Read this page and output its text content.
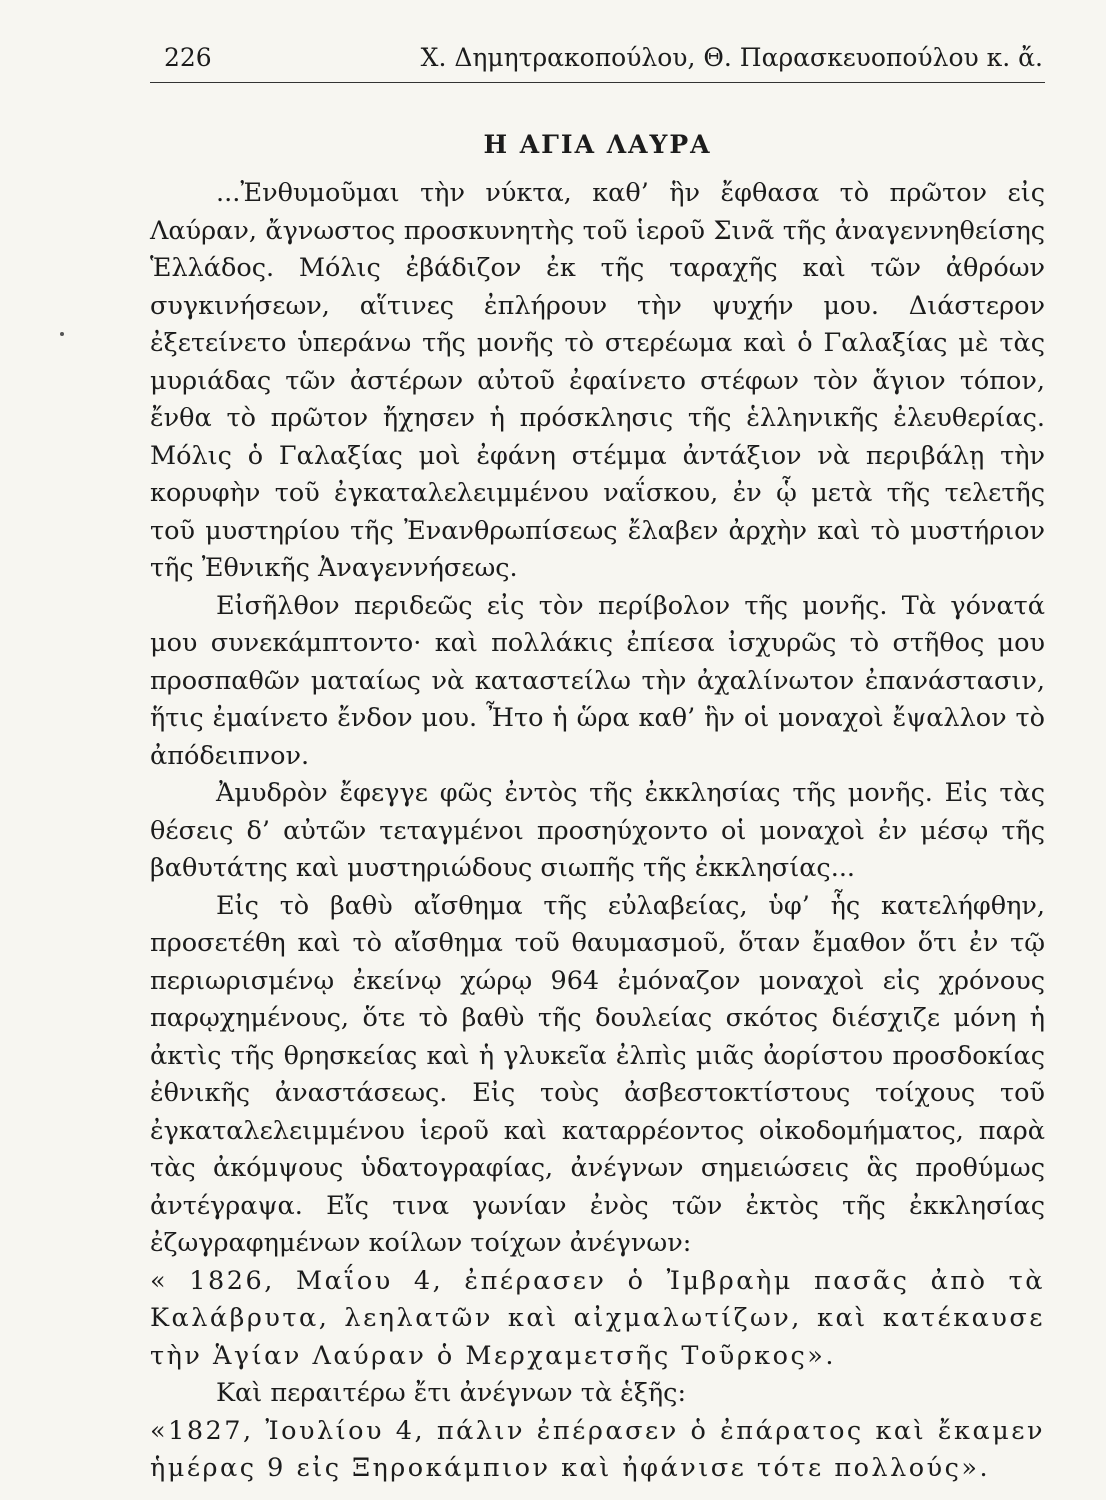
226	Χ. Δημητρακοπούλου, Θ. Παρασκευοπούλου κ. ἄ.
Η ΑΓΙΑ ΛΑΥΡΑ

...Ἐνθυμοῦμαι τὴν νύκτα, καθ’ ἣν ἔφθασα τὸ πρῶτον εἰς Λαύραν, ἄγνωστος προσκυνητὴς τοῦ ἱεροῦ Σινᾶ τῆς ἀναγεννηθείσης Ἑλλάδος. Μόλις ἐβάδιζον ἐκ τῆς ταραχῆς καὶ τῶν ἀθρόων συγκινήσεων, αἵτινες ἐπλήρουν τὴν ψυχήν μου. Διάστερον ἐξετείνετο ὑπεράνω τῆς μονῆς τὸ στερέωμα καὶ ὁ Γαλαξίας μὲ τὰς μυριάδας τῶν ἀστέρων αὐτοῦ ἐφαίνετο στέφων τὸν ἅγιον τόπον, ἔνθα τὸ πρῶτον ἤχησεν ἡ πρόσκλησις τῆς ἑλληνικῆς ἐλευθερίας. Μόλις ὁ Γαλαξίας μοὶ ἐφάνη στέμμα ἀντάξιον νὰ περιβάλῃ τὴν κορυφὴν τοῦ ἐγκαταλελειμμένου ναΐσκου, ἐν ᾧ μετὰ τῆς τελετῆς τοῦ μυστηρίου τῆς Ἐνανθρωπίσεως ἔλαβεν ἀρχὴν καὶ τὸ μυστήριον τῆς Ἐθνικῆς Ἀναγεννήσεως.

Εἰσῆλθον περιδεῶς εἰς τὸν περίβολον τῆς μονῆς. Τὰ γόνατά μου συνεκάμπτοντο· καὶ πολλάκις ἐπίεσα ἰσχυρῶς τὸ στῆθος μου προσπαθῶν ματαίως νὰ καταστείλω τὴν ἀχαλίνωτον ἐπανάστασιν, ἥτις ἐμαίνετο ἔνδον μου. Ἦτο ἡ ὥρα καθ’ ἣν οἱ μοναχοὶ ἔψαλλον τὸ ἀπόδειπνον.

Ἀμυδρὸν ἔφεγγε φῶς ἐντὸς τῆς ἐκκλησίας τῆς μονῆς. Εἰς τὰς θέσεις δ’ αὐτῶν τεταγμένοι προσηύχοντο οἱ μοναχοὶ ἐν μέσῳ τῆς βαθυτάτης καὶ μυστηριώδους σιωπῆς τῆς ἐκκλησίας...

Εἰς τὸ βαθὺ αἴσθημα τῆς εὐλαβείας, ὑφ’ ἧς κατελήφθην, προσετέθη καὶ τὸ αἴσθημα τοῦ θαυμασμοῦ, ὅταν ἔμαθον ὅτι ἐν τῷ περιωρισμένῳ ἐκείνῳ χώρῳ 964 ἐμόναζον μοναχοὶ εἰς χρόνους παρῳχημένους, ὅτε τὸ βαθὺ τῆς δουλείας σκότος διέσχιζε μόνη ἡ ἀκτὶς τῆς θρησκείας καὶ ἡ γλυκεῖα ἐλπὶς μιᾶς ἀορίστου προσδοκίας ἐθνικῆς ἀναστάσεως. Εἰς τοὺς ἀσβεστοκτίστους τοίχους τοῦ ἐγκαταλελειμμένου ἱεροῦ καὶ καταρρέοντος οἰκοδομήματος, παρὰ τὰς ἀκόμψους ὑδατογραφίας, ἀνέγνων σημειώσεις ἃς προθύμως ἀντέγραψα. Εἴς τινα γωνίαν ἐνὸς τῶν ἐκτὸς τῆς ἐκκλησίας ἐζωγραφημένων κοίλων τοίχων ἀνέγνων:

« 1826, Μαΐου 4, ἐπέρασεν ὁ Ἰμβραὴμ πασᾶς ἀπὸ τὰ Καλάβρυτα, λεηλατῶν καὶ αἰχμαλωτίζων, καὶ κατέκαυσε τὴν Ἁγίαν Λαύραν ὁ Μερχαμετσῆς Τοῦρκος».

Καὶ περαιτέρω ἔτι ἀνέγνων τὰ ἑξῆς:

«1827, Ἰουλίου 4, πάλιν ἐπέρασεν ὁ ἐπάρατος καὶ ἔκαμεν ἡμέρας 9 εἰς Ξηροκάμπιον καὶ ἠφάνισε τότε πολλούς».
